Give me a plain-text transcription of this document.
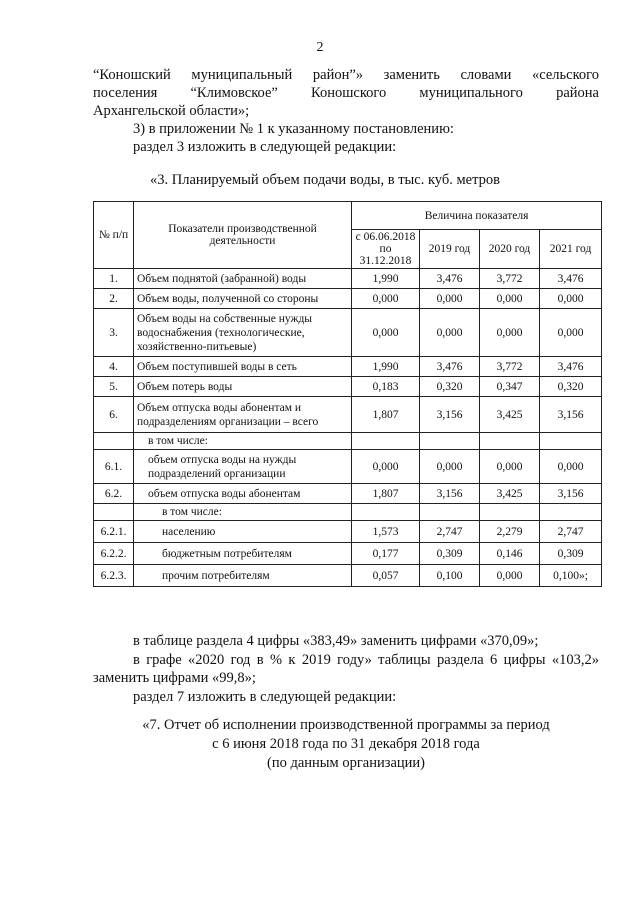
2
“Коношский муниципальный район”» заменить словами «сельского
поселения “Климовское” Коношского муниципального района
Архангельской области»;
3) в приложении № 1 к указанному постановлению:
раздел 3 изложить в следующей редакции:
«3. Планируемый объем подачи воды, в тыс. куб. метров
№ п/п	Показатели производственной деятельности	Величина показателя			
		с 06.06.2018 по 31.12.2018	2019 год	2020 год	2021 год
1.	Объем поднятой (забранной) воды	1,990	3,476	3,772	3,476
2.	Объем воды, полученной со стороны	0,000	0,000	0,000	0,000
3.	Объем воды на собственные нужды водоснабжения (технологические, хозяйственно-питьевые)	0,000	0,000	0,000	0,000
4.	Объем поступившей воды в сеть	1,990	3,476	3,772	3,476
5.	Объем потерь воды	0,183	0,320	0,347	0,320
6.	Объем отпуска воды абонентам и подразделениям организации – всего	1,807	3,156	3,425	3,156
	в том числе:				
6.1.	объем отпуска воды на нужды подразделений организации	0,000	0,000	0,000	0,000
6.2.	объем отпуска воды абонентам	1,807	3,156	3,425	3,156
	в том числе:				
6.2.1.	населению	1,573	2,747	2,279	2,747
6.2.2.	бюджетным потребителям	0,177	0,309	0,146	0,309
6.2.3.	прочим потребителям	0,057	0,100	0,000	0,100»;
в таблице раздела 4 цифры «383,49» заменить цифрами «370,09»;
в графе «2020 год в % к 2019 году» таблицы раздела 6 цифры «103,2»
заменить цифрами «99,8»;
раздел 7 изложить в следующей редакции:
«7. Отчет об исполнении производственной программы за период
с 6 июня 2018 года по 31 декабря 2018 года
(по данным организации)
